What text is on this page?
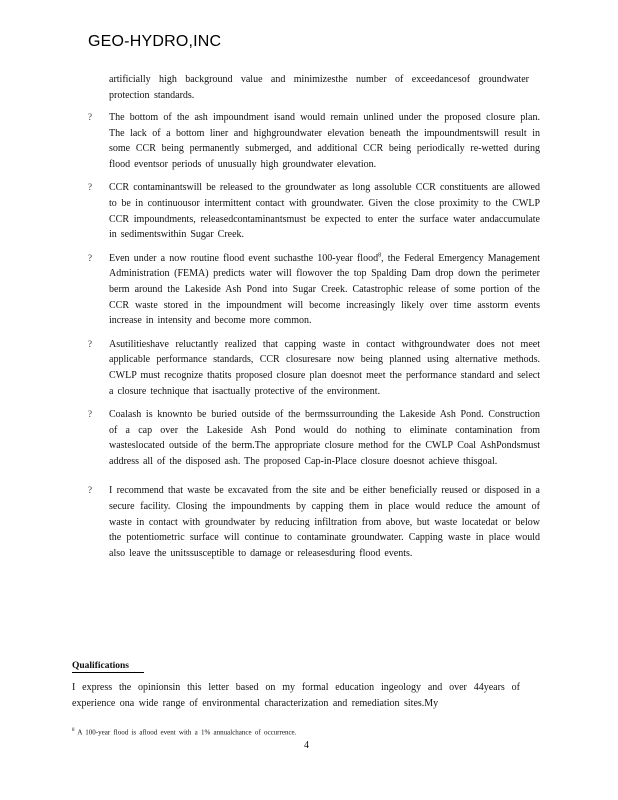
GEO-HYDRO,INC
artificially high background value and minimizesthe number of exceedancesof groundwater protection standards.
? The bottom of the ash impoundment isand would remain unlined under the proposed closure plan. The lack of a bottom liner and highgroundwater elevation beneath the impoundmentswill result in some CCR being permanently submerged, and additional CCR being periodically re-wetted during flood eventsor periods of unusually high groundwater elevation.
? CCR contaminantswill be released to the groundwater as long assoluble CCR constituents are allowed to be in continuousor intermittent contact with groundwater. Given the close proximity to the CWLP CCR impoundments, releasedcontaminantsmust be expected to enter the surface water andaccumulate in sedimentswithin Sugar Creek.
? Even under a now routine flood event suchasthe 100-year flood$^8$, the Federal Emergency Management Administration (FEMA) predicts water will flowover the top Spalding Dam drop down the perimeter berm around the Lakeside Ash Pond into Sugar Creek. Catastrophic release of some portion of the CCR waste stored in the impoundment will become increasingly likely over time asstorm events increase in intensity and become more common.
? Asutilitieshave reluctantly realized that capping waste in contact withgroundwater does not meet applicable performance standards, CCR closuresare now being planned using alternative methods. CWLP must recognize thatits proposed closure plan doesnot meet the performance standard and select a closure technique that isactually protective of the environment.
? Coalash is knownto be buried outside of the bermssurrounding the Lakeside Ash Pond. Construction of a cap over the Lakeside Ash Pond would do nothing to eliminate contamination from wasteslocated outside of the berm.The appropriate closure method for the CWLP Coal AshPondsmust address all of the disposed ash. The proposed Cap-in-Place closure doesnot achieve thisgoal.
? I recommend that waste be excavated from the site and be either beneficially reused or disposed in a secure facility. Closing the impoundments by capping them in place would reduce the amount of waste in contact with groundwater by reducing infiltration from above, but waste locatedat or below the potentiometric surface will continue to contaminate groundwater. Capping waste in place would also leave the unitssusceptible to damage or releasesduring flood events.
Qualifications
I express the opinionsin this letter based on my formal education ingeology and over 44years of experience ona wide range of environmental characterization and remediation sites.My
$^8$ A 100-year flood is aflood event with a 1% annualchance of occurrence.
4
